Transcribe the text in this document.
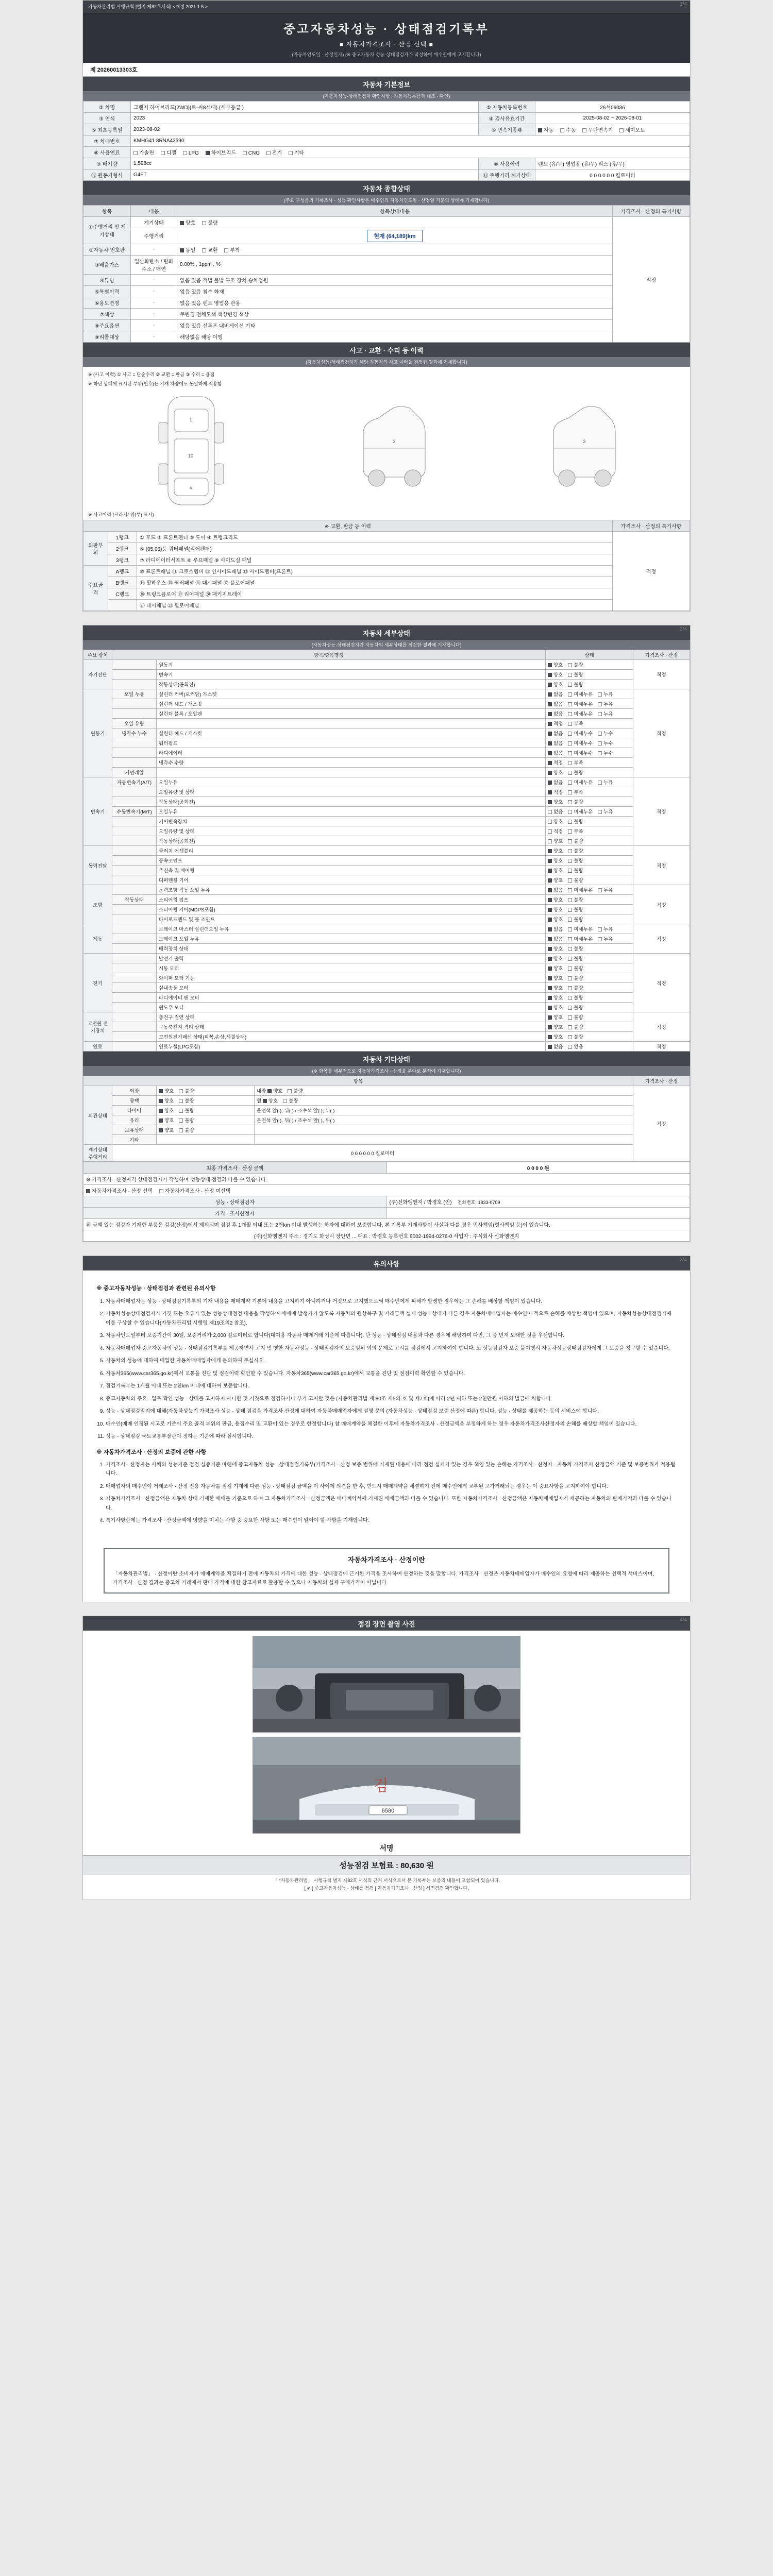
1/4
자동차관리법 시행규칙 [별지 제82호서식] <개정 2021.1.5.>
중고자동차성능 · 상태점검기록부
■ 자동차가격조사 · 산정 선택 ■
(자동차인도일 · 산정일자) (※ 중고자동차 성능·상태점검자가 작성하여 매수인에게 고지합니다)
제 20260013303호
자동차 기본정보
(자동차성능·상태점검자 확인사항 : 자동차등록증과 대조 · 확인)
① 차명	그랜저 하이브리드(2WD)(르-씨8세대) (세부등급 )	② 자동차등록번호	26서06036
③ 연식	2023	④ 검사유효기간	2025-08-02 ~ 2026-08-01
⑤ 최초등록일	2023-08-02	⑥ 변속기종류	자동 수동 무단변속기 세미오토
⑦ 차대번호	KMHG41 8RNA42390		
⑧ 사용연료	가솔린 디젤 LPG 하이브리드 CNG 전기 기타		
⑨ 배기량	1,598cc	⑩ 사용이력	렌트 (유/무) 영업용 (유/무) 리스 (유/무)
⑫ 원동기형식	G4FT	⑪ 주행거리 계기상태	0 0 0 0 0 0 킬로미터
자동차 종합상태
(주요 구성품의 기록조사 · 성능 확인사항은 매수인의 자동차인도일 · 산정일 기준의 상태에 기재합니다)
항목	내용	항목상태내용	가격조사 · 산정의 특기사항
①주행거리 및 계기상태	계기상태	양호 불량	적정
	주행거리	현재 (64,189)km	
②자동차 번호판	-	동일 교환 부착	
③배출가스	일산화탄소 / 탄화수소 / 매연	0.00% , 1ppm , %	
④튜닝	-	없음 있음 적법 불법 구조 장치 승차정원	
⑤특별이력	-	없음 있음 침수 화재	
⑥용도변경	-	없음 있음 렌트 영업용 관용	
⑦색상	-	무변경 전체도색 색상변경 색상	
⑧주요옵션	-	없음 있음 선루프 내비게이션 기타	
⑨리콜대상	-	해당없음 해당 이행	
사고 · 교환 · 수리 등 이력
(자동차성능·상태점검자가 해당 자동차의 사고 이력을 점검한 결과에 기재합니다)
※ (사고 이력) ① 사고 = 단순수리 ② 교환 = 판금 ③ 수리 = 용접
※ 하단 상태에 표시된 부위(번호)는 기재 차량에도 동일하게 적용함
1
10
4
3	3
※ 사고이력 (크라시/ 위(부) 표시)
※ 교환, 판금 등 이력			가격조사 · 산정의 특기사항
외판부위	1랭크	① 후드 ② 프론트펜더 ③ 도어 ④ 트렁크리드	적정
	2랭크	⑤ (05,06)등 쿼터패널(리어펜더)	
	3랭크	⑦ 라디에이터서포트 ⑧ 루프패널 ⑨ 사이드실 패널	
주요골격	A랭크	⑩ 프론트패널 ⑪ 크로스멤버 ⑫ 인사이드패널 ⑬ 사이드멤버(프론트)	
	B랭크	⑭ 휠하우스 ⑮ 필러패널 ⑯ 대시패널 ⑰ 플로어패널	
	C랭크	⑱ 트렁크플로어 ⑲ 리어패널 ⑳ 패키지트레이	
		㉑ 데시패널 ㉒ 필로어패널	
2/4
자동차 세부상태
(자동차성능·상태점검자가 자동차의 세부상태를 점검한 결과에 기재합니다)
주요 장치	항목/항목명칭		상태	가격조사 · 산정
자기진단		원동기	양호 불량	적정
		변속기	양호 불량	
		작동상태(공회전)	양호 불량	
원동기	오일 누유	실린더 커버(로커암) 가스켓	없음 미세누유 누유	적정
		실린더 헤드 / 개스킷	없음 미세누유 누유	
		실린더 블록 / 오일팬	없음 미세누유 누유	
	오일 유량		적정 부족	
	냉각수 누수	실린더 헤드 / 개스킷	없음 미세누수 누수	
		워터펌프	없음 미세누수 누수	
		라디에이터	없음 미세누수 누수	
		냉각수 수량	적정 부족	
	커먼레일		양호 불량	
변속기	자동변속기(A/T)	오일누유	없음 미세누유 누유	적정
		오일유량 및 상태	적정 부족	
		작동상태(공회전)	양호 불량	
	수동변속기(M/T)	오일누유	없음 미세누유 누유	
		기어변속장치	양호 불량	
		오일유량 및 상태	적정 부족	
		작동상태(공회전)	양호 불량	
동력전달		클러치 어셈블리	양호 불량	적정
		등속조인트	양호 불량	
		추진축 및 베어링	양호 불량	
		디퍼렌셜 기어	양호 불량	
조향		동력조향 작동 오일 누유	없음 미세누유 누유	적정
	작동상태	스티어링 펌프	양호 불량	
		스티어링 기어(MDPS포함)	양호 불량	
		타이로드엔드 및 볼 조인트	양호 불량	
제동		브레이크 마스터 실린더오일 누유	없음 미세누유 누유	적정
		브레이크 오일 누유	없음 미세누유 누유	
		배력장치 상태	양호 불량	
전기		발전기 출력	양호 불량	적정
		시동 모터	양호 불량	
		와이퍼 모터 기능	양호 불량	
		실내송풍 모터	양호 불량	
		라디에이터 팬 모터	양호 불량	
		윈도우 모터	양호 불량	
고전원 전기장치		충전구 절연 상태	양호 불량	적정
		구동축전지 격리 상태	양호 불량	
		고전원전기배선 상태(피복,손상,체결상태)	양호 불량	
연료		연료누설(LPG포함)	없음 있음	적정
자동차 기타상태
(※ 항목을 세부적으로 자동차가격조사 · 산정을 분야로 분석에 기재합니다)
항목				가격조사 · 산정
외관상태	외장	양호 불량	내장 양호 불량	적정
	광택	양호 불량	휠 양호 불량	
	타이어	양호 불량	운전석 앞( ), 뒤( ) / 조수석 앞( ), 뒤( )	
	유리	양호 불량	운전석 앞( ), 뒤( ) / 조수석 앞( ), 뒤( )	
	보유상태	양호 불량		
	기타			
계기상태 주행거리	0 0 0 0 0 0 킬로미터			
최종 가격조사 · 산정 금액	0 0 0 0 원
※ 가격조사 · 산정자격 상태점검자가 작성하며 성능상태 점검과 다를 수 있습니다.	
자동차가격조사 · 산정 선택 자동차가격조사 · 산정 미선택	
성능 · 상태점검자	(주)신화엠엔지 / 박경호 (인) 전화번호: 1833-0709
가격 · 조사산정자	
위 금액 있는 점검자 기재한 부품은 검검(산정)에서 제외되며 점검 후 1개월 이내 또는 2천km 이내 발생하는 하자에 대하여 보증합니다. 본 기록부 기재사항이 사실과 다를 경우 민사책임(형사책임 등)이 있습니다.	
(주)신화엠엔지 주소 : 경기도 화성시 장안면 ... 대표 : 박경호 등록번호 9002-1994-0276-0 사업자 : 주식회사 신화엠엔지	
3/4
유의사항
※ 중고자동차성능 · 상태점검과 관련된 유의사항
1. 자동차매매업자는 성능 · 상태점검기록부의 기재 내용을 매매계약 기본에 내용을 고지하기 아니하거나 거짓으로 고지했으로써 매수인에게 피해가 발생한 경우에는 그 손해를 배상할 책임이 있습니다.
2. 자동차성능상태점검자가 거짓 또는 오류가 있는 성능상태점검 내용을 작성하여 매매에 발생기기 않도록 자동차의 원상복구 및 거래금액 실제 성능 · 상태가 다른 경우 자동차매매업자는 매수인이 적으로 손해를 배상할 책임이 있으며, 자동차성능상태점검자에 이를 구상할 수 있습니다(자동차관리법 시행령 제19조의2 참조).
3. 자동차인도일부터 보증기간이 30일, 보증거리가 2,000 킬로미터로 합니다(대여용 자동차 매매거래 기준에 따릅니다). 단 성능 · 상태점검 내용과 다른 경우에 해당하며 다만, 그 중 먼저 도래한 것을 우선합니다.
4. 자동차매매업자 중고자동차의 성능 · 상태점검기록부를 제공하면서 고지 및 행한 자동차성능 · 상태점검자의 보증범위 외의 문제로 고시를 점검에서 고지하여야 합니다. 또 성능점검자 보증 불이행시 자동차성능상태점검자에게 그 보증을 청구할 수 있습니다.
5. 자동차의 성능에 대하여 매입한 자동차매매업자에게 문의하여 주십시오.
6. 자동차365(www.car365.go.kr)에서 교통을 진단 및 점검이력 확인할 수 있습니다. 자동차365(www.car365.go.kr)에서 교통을 진단 및 점검이력 확인할 수 있습니다.
7. 점검기록부는 1개월 이내 또는 2천km 이내에 대하여 보증합니다.
8. 중고자동차의 주요 · 업무 확인 성능 · 상태를 고지하지 아니한 것 거짓으로 점검하거나 부가 고지할 것은 (자동차관리법 제 80조 제5의 호 및 제7호)에 따라 2년 이하 또는 2천만원 이하의 벌금에 처합니다.
9. 성능 · 상태점검일지에 대해(자동차성능기 가격조사 성능 · 상태 점검을 가격조사 산정에 대하여 자동차매매업자에게 설명 문의 (자동차성능 · 상태점검 보증 산정에 따른) 합니다. 성능 · 상태를 제공하는 등의 서비스에 합니다.
10. 매수인(매매 인정된 시고로 기준이 주요 골격 부위의 판금, 용접수리 및 교환이 있는 경우로 한정합니다) 참 매매계약을 체결한 이후에 자동차가격조사 · 산정금액을 부정하게 하는 경우 자동차가격조사산정자의 손해를 배상할 책임이 있습니다.
11. 성능 · 상태점검 국토교통부장관이 정하는 기준에 따라 실시합니다.
※ 자동차가격조사 · 산정의 보증에 관한 사항
1. 가격조사 · 산정자는 사체의 성능기준 점검 실증기준 마련에 중고자동차 성능 · 상태점검기록부(가격조사 · 산정 보증 범위에 기재된 내용에 따라 점검 실제가 있는 경우 책임 있는 손해는 가격조사 · 산정자 · 자동차 가격조사 산정금액 기준 및 보증범위가 적용됩니다.
2. 매매업자의 매수인이 거래조사 · 산정 전용 자동차를 점검 기재에 다른 성능 · 상태점검 금액을 이 사이에 의견을 한 후, 반드시 매매계약을 체결하기 전에 매수인에게 교부된 고가거래되는 경우는 이 중요사항을 고지하여야 합니다.
3. 자동차가격조사 · 산정금액은 자동차 상태 기재한 매매를 기준으로 하며 그 자동차가격조사 · 산정금액은 매매계약서에 기재된 매매금액과 다를 수 있습니다. 또한 자동차가격조사 · 산정금액은 자동차매매업자가 제공하는 자동차의 판매가격과 다를 수 있습니다.
4. 특기사항란에는 가격조사 · 산정금액에 영향을 미치는 사항 중 중요한 사항 또는 매수인이 알아야 할 사항을 기재합니다.
자동차가격조사 · 산정이란
「자동차관리법」 · 산정이란 소비자가 매매계약을 체결하기 전에 자동차의 가격에 대한 성능 · 상태점검에 근거한 가격을 조사하여 산정하는 것을 말합니다. 가격조사 · 산정은 자동차매매업자가 매수인의 요청에 따라 제공하는 선택적 서비스이며, 가격조사 · 산정 결과는 중고차 거래에서 판매 가격에 대한 참고자료로 활용할 수 있으나 자동차의 실제 구매가격이 아닙니다.
4/4
점검 장면 촬영 사진
6580
검
서명
성능점검 보험료 : 80,630 원
「 *자동차관리법」 시행규칙 별지 제82호 서식의 근거 서식으로서 본 기록부는 보증의 내용이 포함되어 있습니다.
[ ※ ] 중고자동차성능 · 상태를 점검 [ 자동차가격조사 · 산정 ] 서면검검 확인합니다.
